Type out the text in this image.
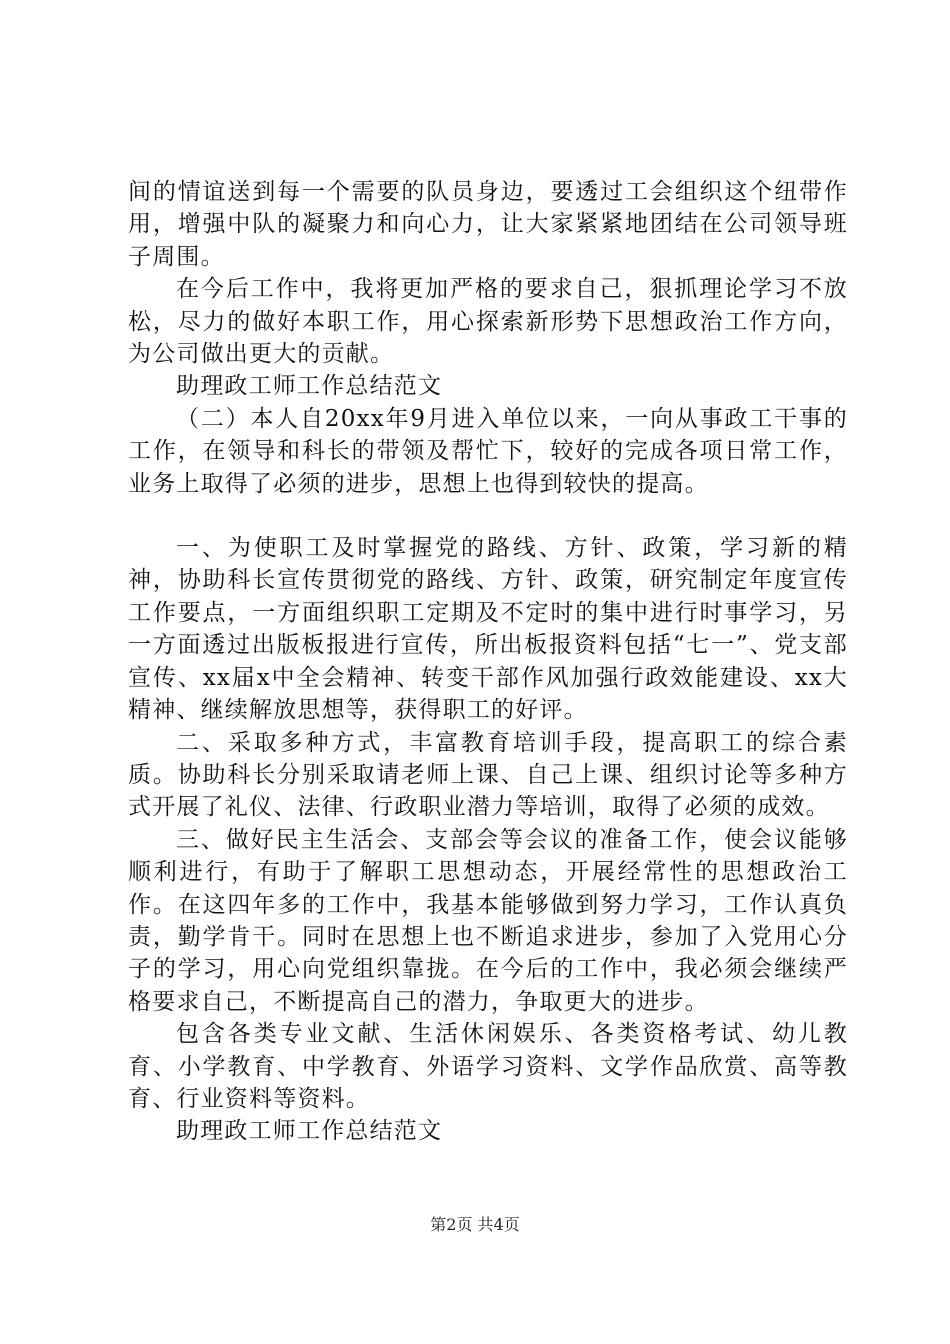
间的情谊送到每一个需要的队员身边，要透过工会组织这个纽带作用，增强中队的凝聚力和向心力，让大家紧紧地团结在公司领导班子周围。

在今后工作中，我将更加严格的要求自己，狠抓理论学习不放松，尽力的做好本职工作，用心探索新形势下思想政治工作方向，为公司做出更大的贡献。

助理政工师工作总结范文

（二）本人自20xx年9月进入单位以来，一向从事政工干事的工作，在领导和科长的带领及帮忙下，较好的完成各项日常工作，业务上取得了必须的进步，思想上也得到较快的提高。

一、为使职工及时掌握党的路线、方针、政策，学习新的精神，协助科长宣传贯彻党的路线、方针、政策，研究制定年度宣传工作要点，一方面组织职工定期及不定时的集中进行时事学习，另一方面透过出版板报进行宣传，所出板报资料包括“七一”、党支部宣传、xx届x中全会精神、转变干部作风加强行政效能建设、xx大精神、继续解放思想等，获得职工的好评。

二、采取多种方式，丰富教育培训手段，提高职工的综合素质。协助科长分别采取请老师上课、自己上课、组织讨论等多种方式开展了礼仪、法律、行政职业潜力等培训，取得了必须的成效。

三、做好民主生活会、支部会等会议的准备工作，使会议能够顺利进行，有助于了解职工思想动态，开展经常性的思想政治工作。在这四年多的工作中，我基本能够做到努力学习，工作认真负责，勤学肯干。同时在思想上也不断追求进步，参加了入党用心分子的学习，用心向党组织靠拢。在今后的工作中，我必须会继续严格要求自己，不断提高自己的潜力，争取更大的进步。

包含各类专业文献、生活休闲娱乐、各类资格考试、幼儿教育、小学教育、中学教育、外语学习资料、文学作品欣赏、高等教育、行业资料等资料。

助理政工师工作总结范文

第2页 共4页
